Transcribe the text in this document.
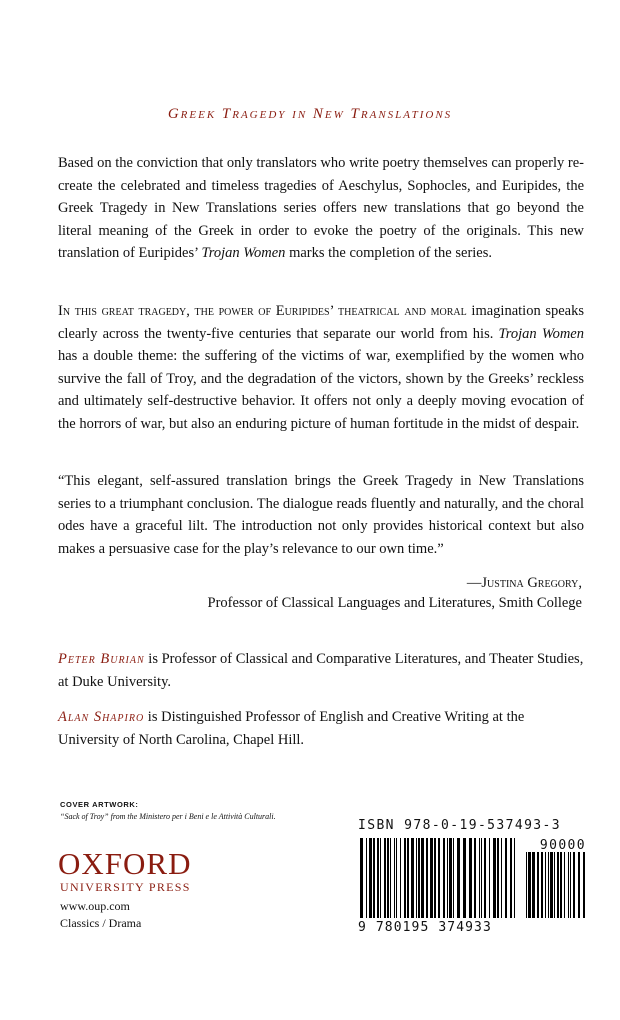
Greek Tragedy in New Translations

Based on the conviction that only translators who write poetry themselves can properly re-create the celebrated and timeless tragedies of Aeschylus, Sophocles, and Euripides, the Greek Tragedy in New Translations series offers new translations that go beyond the literal meaning of the Greek in order to evoke the poetry of the originals. This new translation of Euripides’ Trojan Women marks the completion of the series.

In this great tragedy, the power of Euripides’ theatrical and moral imagination speaks clearly across the twenty-five centuries that separate our world from his. Trojan Women has a double theme: the suffering of the victims of war, exemplified by the women who survive the fall of Troy, and the degradation of the victors, shown by the Greeks’ reckless and ultimately self-destructive behavior. It offers not only a deeply moving evocation of the horrors of war, but also an enduring picture of human fortitude in the midst of despair.

“This elegant, self-assured translation brings the Greek Tragedy in New Translations series to a triumphant conclusion. The dialogue reads fluently and naturally, and the choral odes have a graceful lilt. The introduction not only provides historical context but also makes a persuasive case for the play’s relevance to our own time.”

—Justina Gregory,
Professor of Classical Languages and Literatures, Smith College

Peter Burian is Professor of Classical and Comparative Literatures, and Theater Studies, at Duke University.

Alan Shapiro is Distinguished Professor of English and Creative Writing at the University of North Carolina, Chapel Hill.

COVER ARTWORK:
“Sack of Troy” from the Ministero per i Beni e le Attività Culturali.
OXFORD
UNIVERSITY PRESS
www.oup.com
Classics / Drama
ISBN 978-0-19-537493-3
90000
9 780195 374933
